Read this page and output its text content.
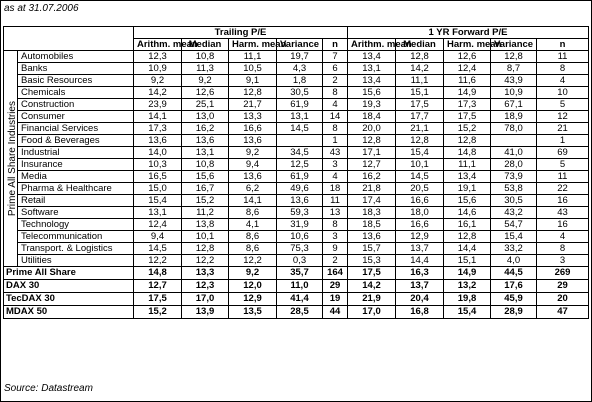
as at 31.07.2006
		Trailing P/E					1 YR Forward P/E				
		Arithm. mean	Median	Harm. mean	Variance	n	Arithm. mean	Median	Harm. mean	Variance	n

Prime All Share Industries	Automobiles	12,3	10,8	11,1	19,7	7	13,4	12,8	12,6	12,8	11
	Banks	10,9	11,3	10,5	4,3	6	13,1	14,2	12,4	8,7	8
	Basic Resources	9,2	9,2	9,1	1,8	2	13,4	11,1	11,6	43,9	4
	Chemicals	14,2	12,6	12,8	30,5	8	15,6	15,1	14,9	10,9	10
	Construction	23,9	25,1	21,7	61,9	4	19,3	17,5	17,3	67,1	5
	Consumer	14,1	13,0	13,3	13,1	14	18,4	17,7	17,5	18,9	12
	Financial Services	17,3	16,2	16,6	14,5	8	20,0	21,1	15,2	78,0	21
	Food & Beverages	13,6	13,6	13,6		1	12,8	12,8	12,8		1
	Industrial	14,0	13,1	9,2	34,5	43	17,1	15,4	14,8	41,0	69
	Insurance	10,3	10,8	9,4	12,5	3	12,7	10,1	11,1	28,0	5
	Media	16,5	15,6	13,6	61,9	4	16,2	14,5	13,4	73,9	11
	Pharma & Healthcare	15,0	16,7	6,2	49,6	18	21,8	20,5	19,1	53,8	22
	Retail	15,4	15,2	14,1	13,6	11	17,4	16,6	15,6	30,5	16
	Software	13,1	11,2	8,6	59,3	13	18,3	18,0	14,6	43,2	43
	Technology	12,4	13,8	4,1	31,9	8	18,5	16,6	16,1	54,7	16
	Telecommunication	9,4	10,1	8,6	10,6	3	13,6	12,9	12,8	15,4	4
	Transport. & Logistics	14,5	12,8	8,6	75,3	9	15,7	13,7	14,4	33,2	8
	Utilities	12,2	12,2	12,2	0,3	2	15,3	14,4	15,1	4,0	3
Prime All Share		14,8	13,3	9,2	35,7	164	17,5	16,3	14,9	44,5	269
DAX 30		12,7	12,3	12,0	11,0	29	14,2	13,7	13,2	17,6	29
TecDAX 30		17,5	17,0	12,9	41,4	19	21,9	20,4	19,8	45,9	20
MDAX 50		15,2	13,9	13,5	28,5	44	17,0	16,8	15,4	28,9	47
Source: Datastream
